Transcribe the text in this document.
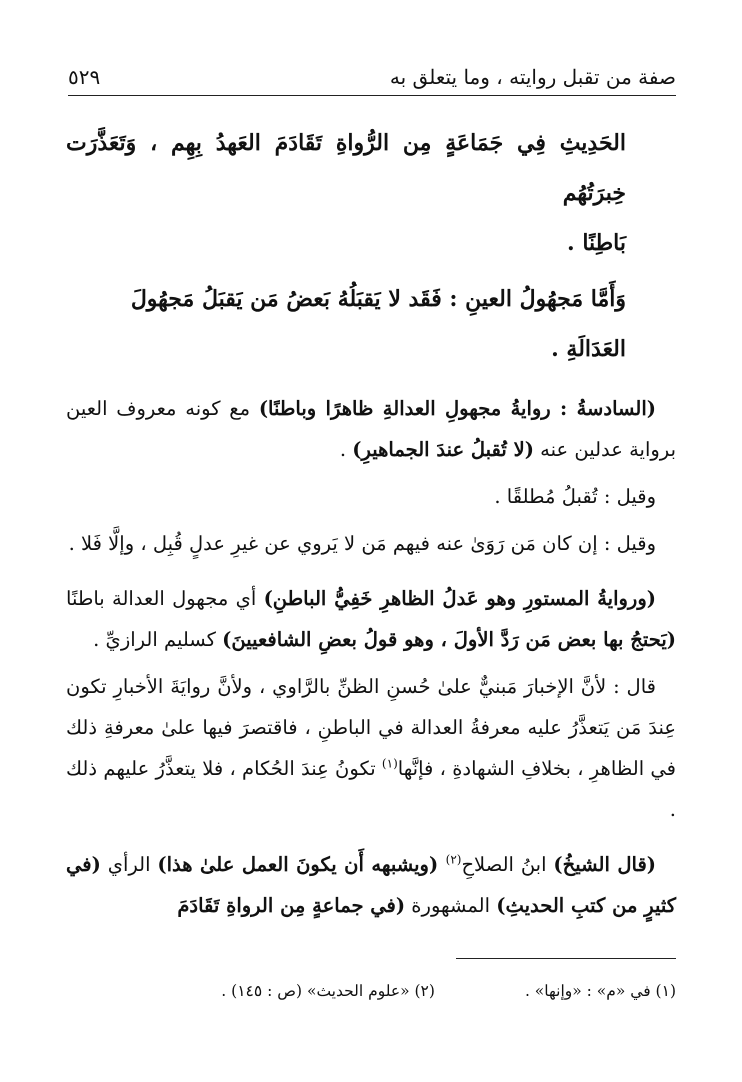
صفة من تقبل روايته ، وما يتعلق به
٥٢٩

الحَدِيثِ فِي جَمَاعَةٍ مِن الرُّواةِ تَقَادَمَ العَهدُ بِهِم ، وَتَعَذَّرَت خِبرَتُهُم
بَاطِنًا .

وَأَمَّا مَجهُولُ العينِ : فَقَد لا يَقبَلُهُ بَعضُ مَن يَقبَلُ مَجهُولَ
العَدَالَةِ .

(السادسةُ : روايةُ مجهولِ العدالةِ ظاهرًا وباطنًا) مع كونه معروف العين برواية عدلين عنه (لا تُقبلُ عندَ الجماهيرِ) .

وقيل : تُقبلُ مُطلقًا .

وقيل : إن كان مَن رَوَىٰ عنه فيهم مَن لا يَروي عن غيرِ عدلٍ قُبِل ، وإلَّا فَلا .

(وروايةُ المستورِ وهو عَدلُ الظاهرِ خَفِيُّ الباطنِ) أي مجهول العدالة باطنًا (يَحتجُ بها بعض مَن رَدَّ الأولَ ، وهو قولُ بعضِ الشافعيينَ) كسليم الرازيِّ .

قال : لأنَّ الإخبارَ مَبنيٌّ علىٰ حُسنِ الظنِّ بالرَّاوي ، ولأنَّ روايَةَ الأخبارِ تكون عِندَ مَن يَتعذَّرُ عليه معرفةُ العدالة في الباطنِ ، فاقتصرَ فيها علىٰ معرفةِ ذلك في الظاهرِ ، بخلافِ الشهادةِ ، فإنَّها$^{(١)}$ تكونُ عِندَ الحُكام ، فلا يتعذَّرُ عليهم ذلك .

(قال الشيخُ) ابنُ الصلاحِ$^{(٢)}$ (ويشبهه أَن يكونَ العمل علىٰ هذا) الرأي (في كثيرٍ من كتبِ الحديثِ) المشهورة (في جماعةٍ مِن الرواةِ تَقَادَمَ

(١) في «م» : «وإنها» .
(٢) «علوم الحديث» (ص : ١٤٥) .
